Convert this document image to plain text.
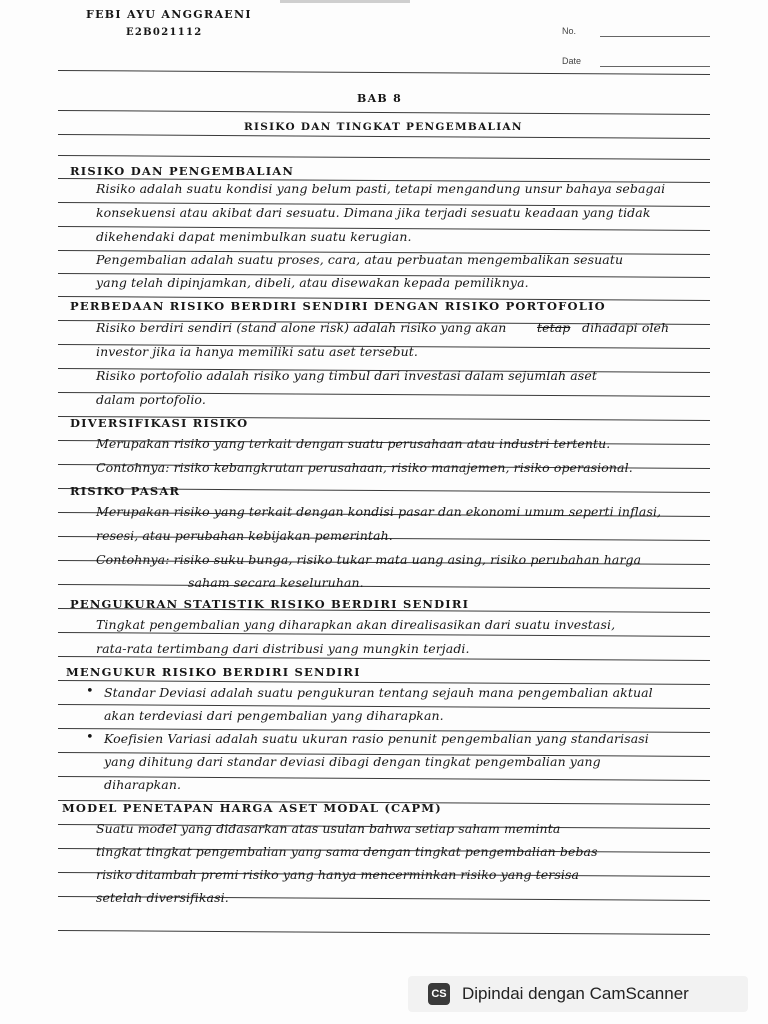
FEBI AYU ANGGRAENI
E2B021112	No.
Date
BAB 8
RISIKO DAN TINGKAT PENGEMBALIAN
RISIKO DAN PENGEMBALIAN
Risiko adalah suatu kondisi yang belum pasti, tetapi mengandung unsur bahaya sebagai
konsekuensi atau akibat dari sesuatu. Dimana jika terjadi sesuatu keadaan yang tidak
dikehendaki dapat menimbulkan suatu kerugian.
Pengembalian adalah suatu proses, cara, atau perbuatan mengembalikan sesuatu
yang telah dipinjamkan, dibeli, atau disewakan kepada pemiliknya.
PERBEDAAN RISIKO BERDIRI SENDIRI DENGAN RISIKO PORTOFOLIO
Risiko berdiri sendiri (stand alone risk) adalah risiko yang akan tetap dihadapi oleh
investor jika ia hanya memiliki satu aset tersebut.
Risiko portofolio adalah risiko yang timbul dari investasi dalam sejumlah aset
dalam portofolio.
DIVERSIFIKASI RISIKO
Merupakan risiko yang terkait dengan suatu perusahaan atau industri tertentu.
Contohnya: risiko kebangkrutan perusahaan, risiko manajemen, risiko operasional.
RISIKO PASAR
Merupakan risiko yang terkait dengan kondisi pasar dan ekonomi umum seperti inflasi,
resesi, atau perubahan kebijakan pemerintah.
Contohnya: risiko suku bunga, risiko tukar mata uang asing, risiko perubahan harga
saham secara keseluruhan.
PENGUKURAN STATISTIK RISIKO BERDIRI SENDIRI
Tingkat pengembalian yang diharapkan akan direalisasikan dari suatu investasi,
rata-rata tertimbang dari distribusi yang mungkin terjadi.
MENGUKUR RISIKO BERDIRI SENDIRI
• Standar Deviasi adalah suatu pengukuran tentang sejauh mana pengembalian aktual
akan terdeviasi dari pengembalian yang diharapkan.
• Koefisien Variasi adalah suatu ukuran rasio penunit pengembalian yang standarisasi
yang dihitung dari standar deviasi dibagi dengan tingkat pengembalian yang
diharapkan.
MODEL PENETAPAN HARGA ASET MODAL (CAPM)
Suatu model yang didasarkan atas usulan bahwa setiap saham meminta
tingkat tingkat pengembalian yang sama dengan tingkat pengembalian bebas
risiko ditambah premi risiko yang hanya mencerminkan risiko yang tersisa
setelah diversifikasi.
CS Dipindai dengan CamScanner
